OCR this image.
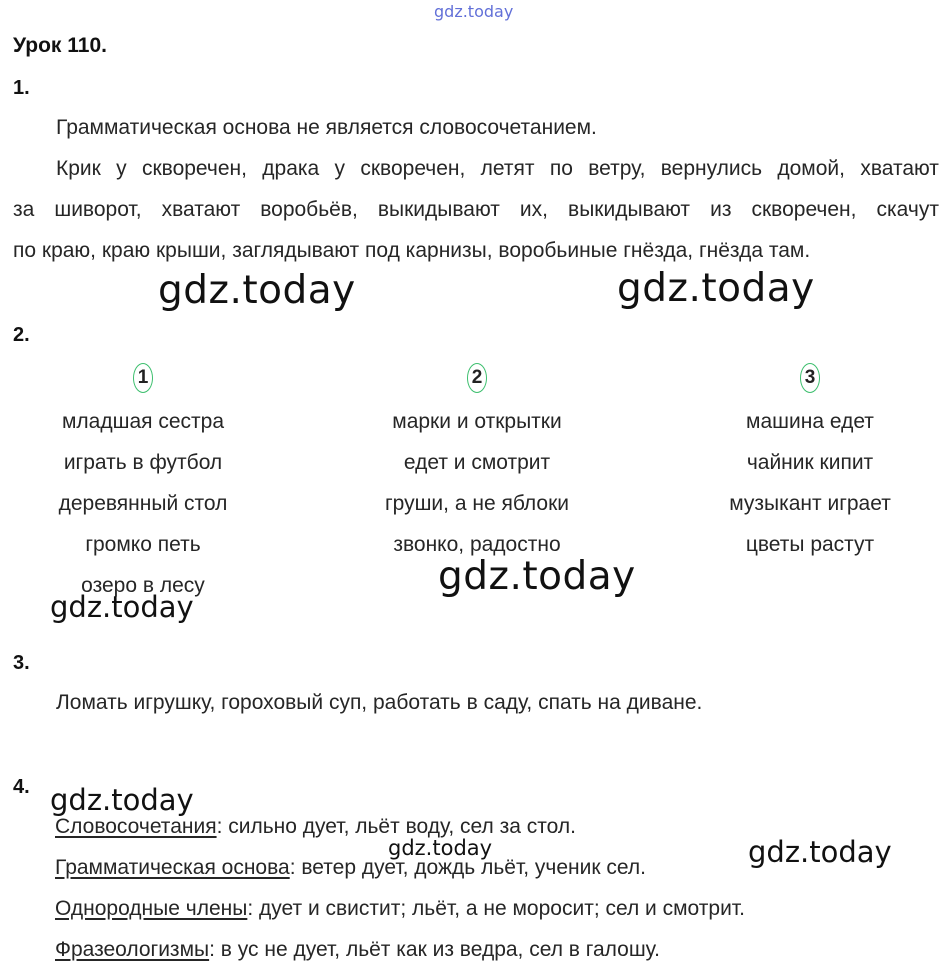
gdz.today
Урок 110.
1.
Грамматическая основа не является словосочетанием.
Крик у скворечен, драка у скворечен, летят по ветру, вернулись домой, хватают
за шиворот, хватают воробьёв, выкидывают их, выкидывают из скворечен, скачут
по краю, краю крыши, заглядывают под карнизы, воробьиные гнёзда, гнёзда там.
gdz.today	gdz.today
2.
1
младшая сестра
играть в футбол
деревянный стол
громко петь
озеро в лесу
2
марки и открытки
едет и смотрит
груши, а не яблоки
звонко, радостно
3
машина едет
чайник кипит
музыкант играет
цветы растут
gdz.today
gdz.today
3.
Ломать игрушку, гороховый суп, работать в саду, спать на диване.
4. gdz.today
Словосочетания: сильно дует, льёт воду, сел за стол.
gdz.today
Грамматическая основа: ветер дует, дождь льёт, ученик сел.	gdz.today
Однородные члены: дует и свистит; льёт, а не моросит; сел и смотрит.
Фразеологизмы: в ус не дует, льёт как из ведра, сел в галошу.
